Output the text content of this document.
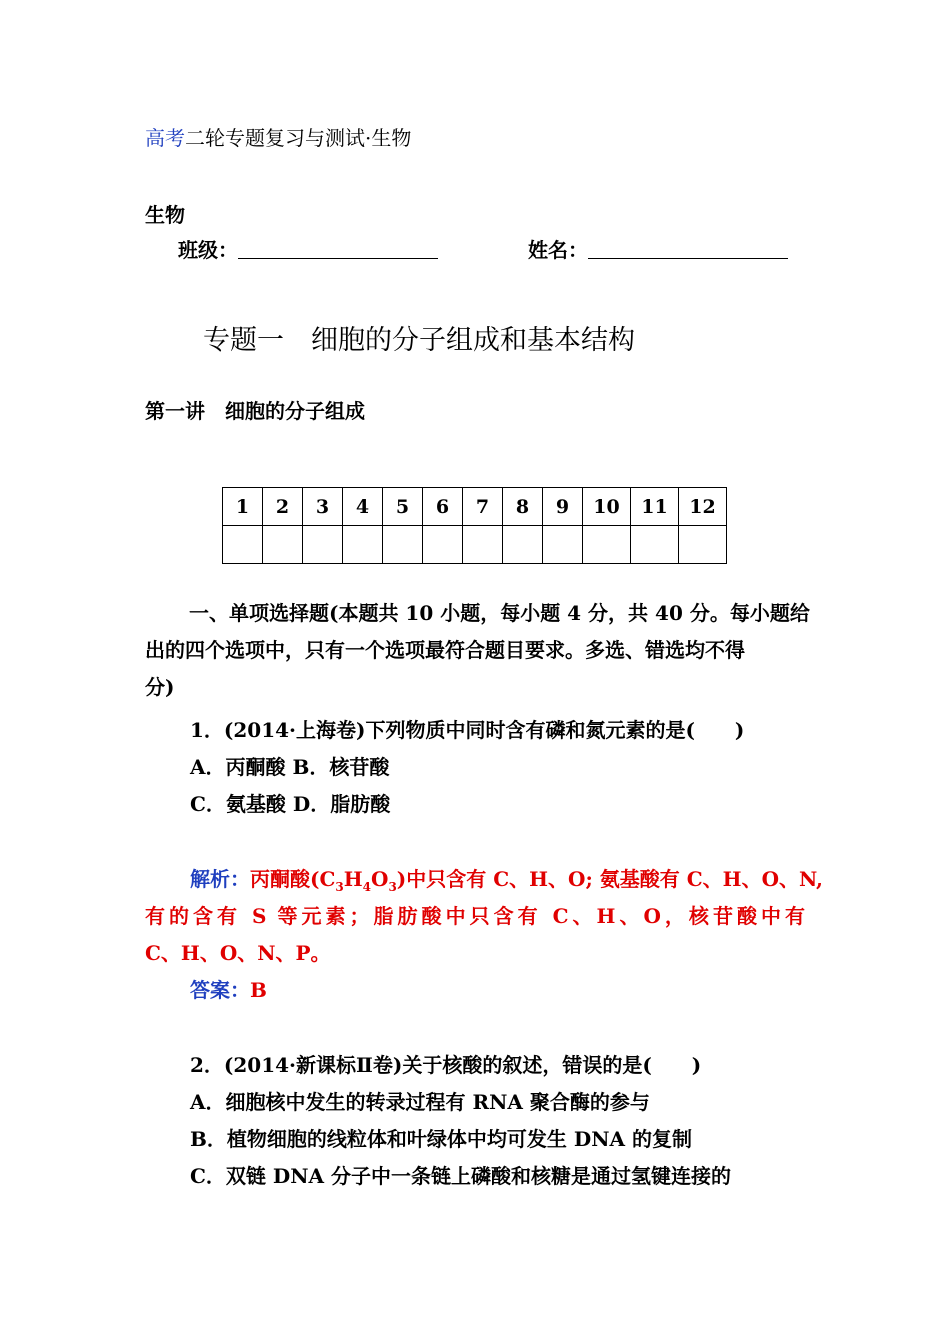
高考二轮专题复习与测试·生物
生物
班级：	姓名：
专题一　细胞的分子组成和基本结构
第一讲　细胞的分子组成
1	2	3	4	5	6	7	8	9	10	11	12

一、单项选择题(本题共 10 小题，每小题 4 分，共 40 分。每小题给
出的四个选项中，只有一个选项最符合题目要求。多选、错选均不得
分)
1．(2014·上海卷)下列物质中同时含有磷和氮元素的是(　　)
A．丙酮酸 B．核苷酸
C．氨基酸 D．脂肪酸
解析：丙酮酸$(C_3H_4O_3)$中只含有 C、H、O; 氨基酸有 C、H、O、N,
有的含有 S 等元素；脂肪酸中只含有 C、H、O，核苷酸中有
C、H、O、N、P。
答案：B
2．(2014·新课标Ⅱ卷)关于核酸的叙述，错误的是(　　)
A．细胞核中发生的转录过程有 RNA 聚合酶的参与
B．植物细胞的线粒体和叶绿体中均可发生 DNA 的复制
C．双链 DNA 分子中一条链上磷酸和核糖是通过氢键连接的
